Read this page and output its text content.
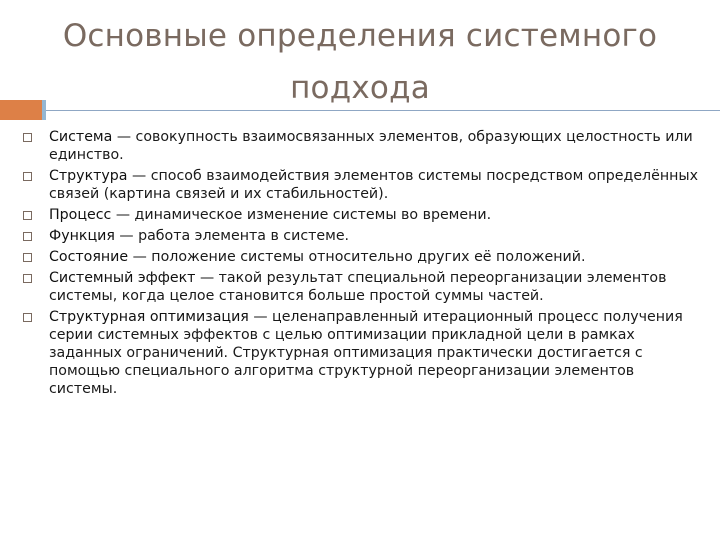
Основные определения системного
подхода
Система — совокупность взаимосвязанных элементов, образующих целостность или единство.
Структура — способ взаимодействия элементов системы посредством определённых связей (картина связей и их стабильностей).
Процесс — динамическое изменение системы во времени.
Функция — работа элемента в системе.
Состояние — положение системы относительно других её положений.
Системный эффект — такой результат специальной переорганизации элементов системы, когда целое становится больше простой суммы частей.
Структурная оптимизация — целенаправленный итерационный процесс получения серии системных эффектов с целью оптимизации прикладной цели в рамках заданных ограничений. Структурная оптимизация практически достигается с помощью специального алгоритма структурной переорганизации элементов системы.
